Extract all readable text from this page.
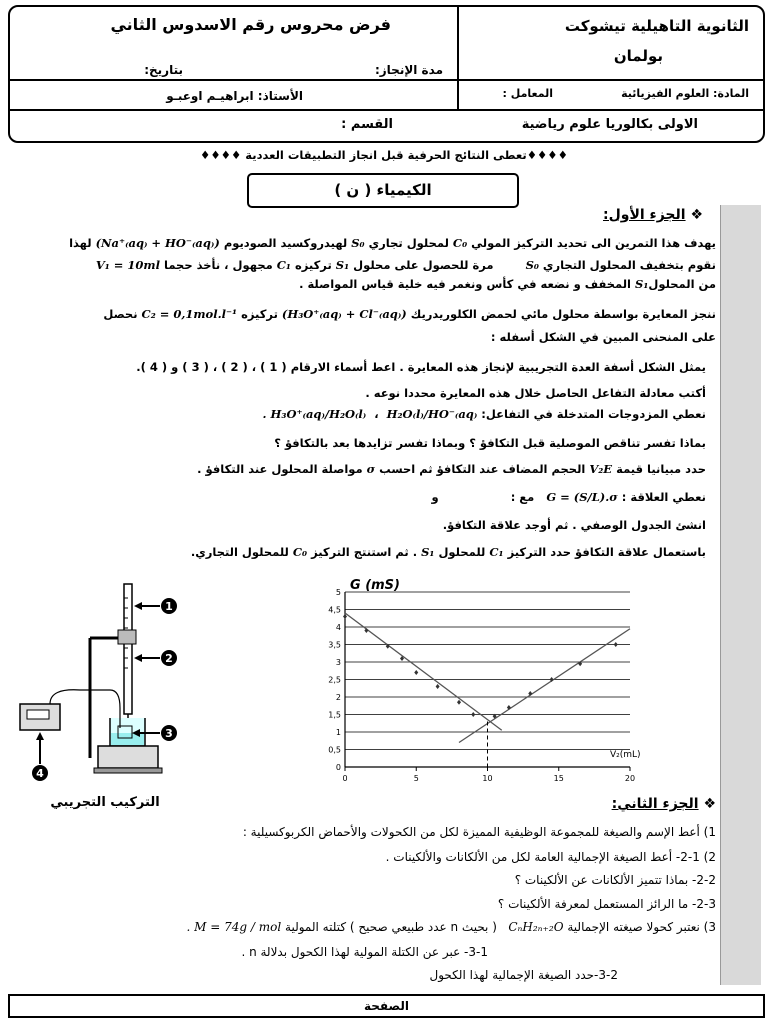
الثانوية التاهيلية تيشوكت
بولمان
المادة: العلوم الفيزيائية
المعامل :
فرض محروس رقم الاسدوس الثاني
مدة الإنجاز:
بتاريخ:
الأستاذ: ابراهيـم اوعبـو
الاولى بكالوريا علوم رياضية
القسم :
♦♦♦♦تعطى النتائج الحرفية قبل انجاز التطبيقات العددية ♦♦♦♦
الكيمياء ( ن )
❖ الجزء الأول:
يهدف هذا التمرين الى تحديد التركيز المولي C₀ لمحلول تجاري S₀ لهيدروكسيد الصوديوم (Na⁺₍aq₎ + HO⁻₍aq₎) لهذا
نقوم بتخفيف المحلول التجاري S₀        مرة للحصول على محلول S₁ تركيزه C₁ مجهول ، نأخذ حجما V₁ = 10ml
من المحلولS₁ المخفف و نضعه في كأس ونغمر فيه خلية قياس المواصلة .
ننجز المعايرة بواسطة محلول مائي لحمض الكلوريدريك (H₃O⁺₍aq₎ + Cl⁻₍aq₎) تركيزه C₂ = 0,1mol.l⁻¹ نحصل
على المنحنى المبين في الشكل أسفله :
يمثل الشكل أسفة العدة التجريبية لإنجاز هذه المعايرة . اعط أسماء الارقام ( 1 ) ، ( 2 ) ، ( 3 ) و ( 4 ).
أكتب معادلة التفاعل الحاصل خلال هذه المعايرة محددا نوعه .
نعطي المزدوجات المتدخلة في التفاعل: H₃O⁺₍aq₎/H₂O₍l₎ ،  H₂O₍l₎/HO⁻₍aq₎ .
بماذا تفسر تناقص الموصلية قبل التكافؤ ؟ وبماذا تفسر تزايدها بعد بالتكافؤ ؟
حدد مبيانيا قيمة V₂E الحجم المضاف عند التكافؤ ثم احسب σ مواصلة المحلول عند التكافؤ .
نعطي العلاقة : G = (S/L).σ   مع :                  و
انشئ الجدول الوصفي . ثم أوجد علاقة التكافؤ.
باستعمال علاقة التكافؤ حدد التركيز C₁ للمحلول S₁ . ثم استنتج التركيز C₀ للمحلول التجاري.
1
2
3
4
التركيب التجريبي
0
0,5
1
1,5
2
2,5
3
3,5
4
4,5
5
0	5	10	15	20
G (mS)
V₂(mL)
❖ الجزء الثاني:
1) أعط الإسم والصيغة للمجموعة الوظيفية المميزة لكل من الكحولات والأحماض الكربوكسيلية :
2) 2-1- أعط الصيغة الإجمالية العامة لكل من الألكانات والألكينات .
2-2- بماذا تتميز الألكانات عن الألكينات ؟
2-3- ما الرائز المستعمل لمعرفة الألكينات ؟
3) نعتبر كحولا صيغته الإجمالية CₙH₂ₙ₊₂O   ( بحيث n عدد طبيعي صحيح ) كتلته المولية M = 74g / mol .
3-1- عبر عن الكتلة المولية لهذا الكحول بدلالة n .
3-2-حدد الصيغة الإجمالية لهذا الكحول
الصفحة
